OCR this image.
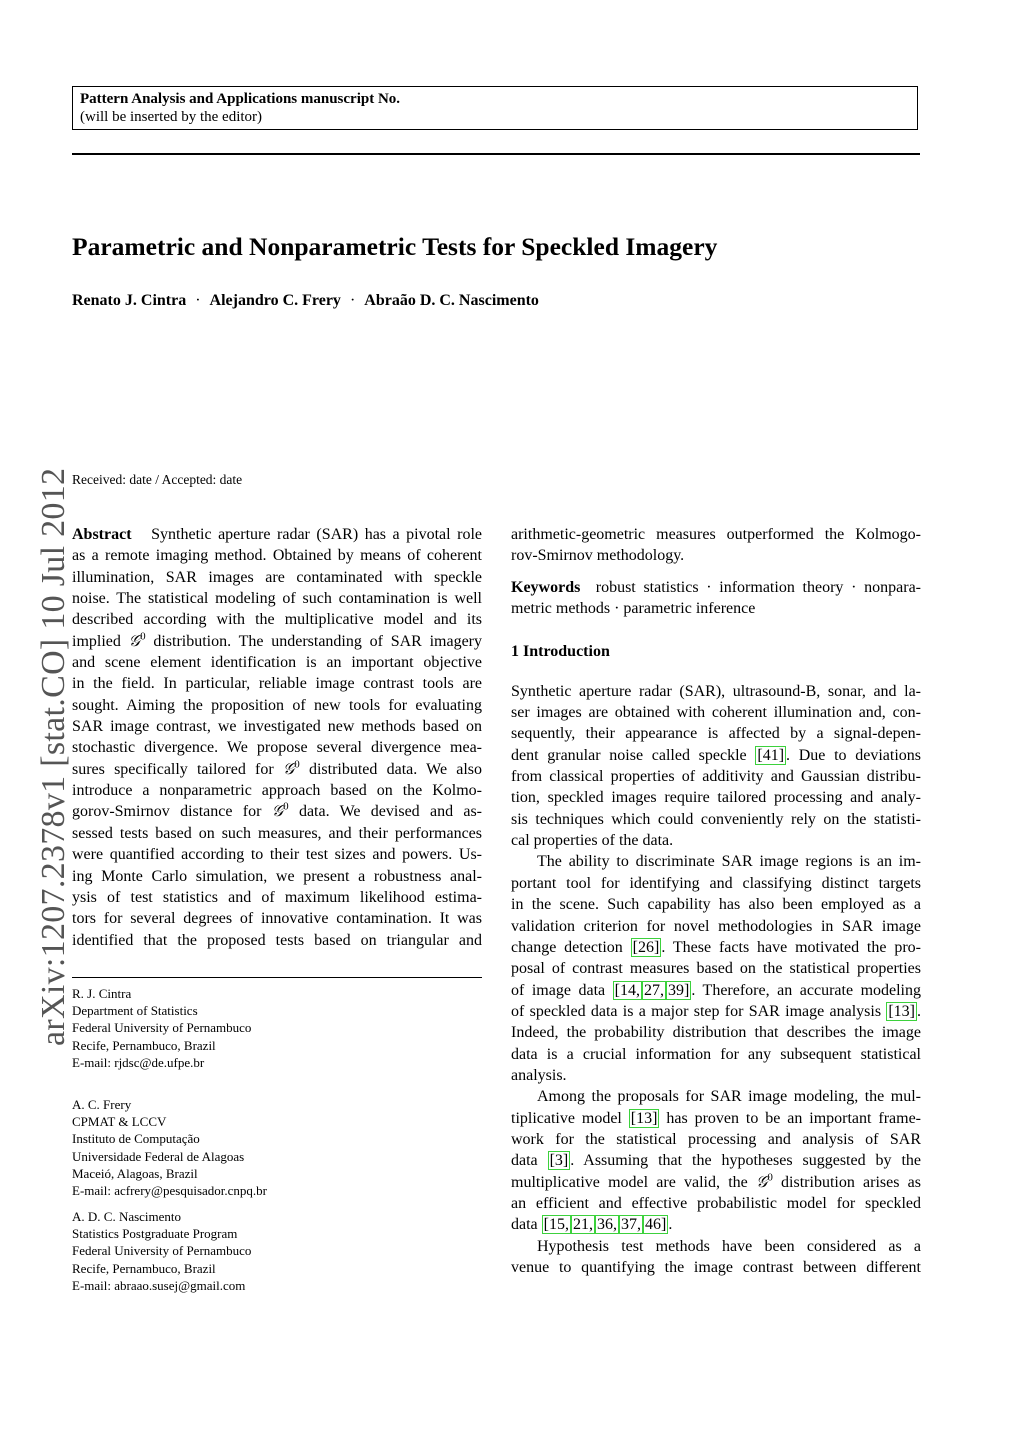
Pattern Analysis and Applications manuscript No.
(will be inserted by the editor)
Parametric and Nonparametric Tests for Speckled Imagery
Renato J. Cintra · Alejandro C. Frery · Abraão D. C. Nascimento
Received: date / Accepted: date
arXiv:1207.2378v1 [stat.CO] 10 Jul 2012 Abstract Synthetic aperture radar (SAR) has a pivotal role
as a remote imaging method. Obtained by means of coherent
illumination, SAR images are contaminated with speckle
noise. The statistical modeling of such contamination is well
described according with the multiplicative model and its
implied 𝒢$^0$ distribution. The understanding of SAR imagery
and scene element identification is an important objective
in the field. In particular, reliable image contrast tools are
sought. Aiming the proposition of new tools for evaluating
SAR image contrast, we investigated new methods based on
stochastic divergence. We propose several divergence mea-
sures specifically tailored for 𝒢$^0$ distributed data. We also
introduce a nonparametric approach based on the Kolmo-
gorov-Smirnov distance for 𝒢$^0$ data. We devised and as-
sessed tests based on such measures, and their performances
were quantified according to their test sizes and powers. Us-
ing Monte Carlo simulation, we present a robustness anal-
ysis of test statistics and of maximum likelihood estima-
tors for several degrees of innovative contamination. It was
identified that the proposed tests based on triangular and
R. J. Cintra
Department of Statistics
Federal University of Pernambuco
Recife, Pernambuco, Brazil
E-mail: rjdsc@de.ufpe.br
A. C. Frery
CPMAT & LCCV
Instituto de Computação
Universidade Federal de Alagoas
Maceió, Alagoas, Brazil
E-mail: acfrery@pesquisador.cnpq.br
A. D. C. Nascimento
Statistics Postgraduate Program
Federal University of Pernambuco
Recife, Pernambuco, Brazil
E-mail: abraao.susej@gmail.com
arithmetic-geometric measures outperformed the Kolmogo-
rov-Smirnov methodology.
Keywords robust statistics · information theory · nonpara-
metric methods · parametric inference
1 Introduction
Synthetic aperture radar (SAR), ultrasound-B, sonar, and la-
ser images are obtained with coherent illumination and, con-
sequently, their appearance is affected by a signal-depen-
dent granular noise called speckle [41] . Due to deviations
from classical properties of additivity and Gaussian distribu-
tion, speckled images require tailored processing and analy-
sis techniques which could conveniently rely on the statisti-
cal properties of the data.
The ability to discriminate SAR image regions is an im-
portant tool for identifying and classifying distinct targets
in the scene. Such capability has also been employed as a
validation criterion for novel methodologies in SAR image
change detection [26] . These facts have motivated the pro-
posal of contrast measures based on the statistical properties
of image data [14, 27, 39] . Therefore, an accurate modeling
of speckled data is a major step for SAR image analysis [13] .
Indeed, the probability distribution that describes the image
data is a crucial information for any subsequent statistical
analysis.
Among the proposals for SAR image modeling, the mul-
tiplicative model [13] has proven to be an important frame-
work for the statistical processing and analysis of SAR
data [3] . Assuming that the hypotheses suggested by the
multiplicative model are valid, the 𝒢$^0$ distribution arises as
an efficient and effective probabilistic model for speckled
data [15, 21, 36, 37, 46] .
Hypothesis test methods have been considered as a
venue to quantifying the image contrast between different
